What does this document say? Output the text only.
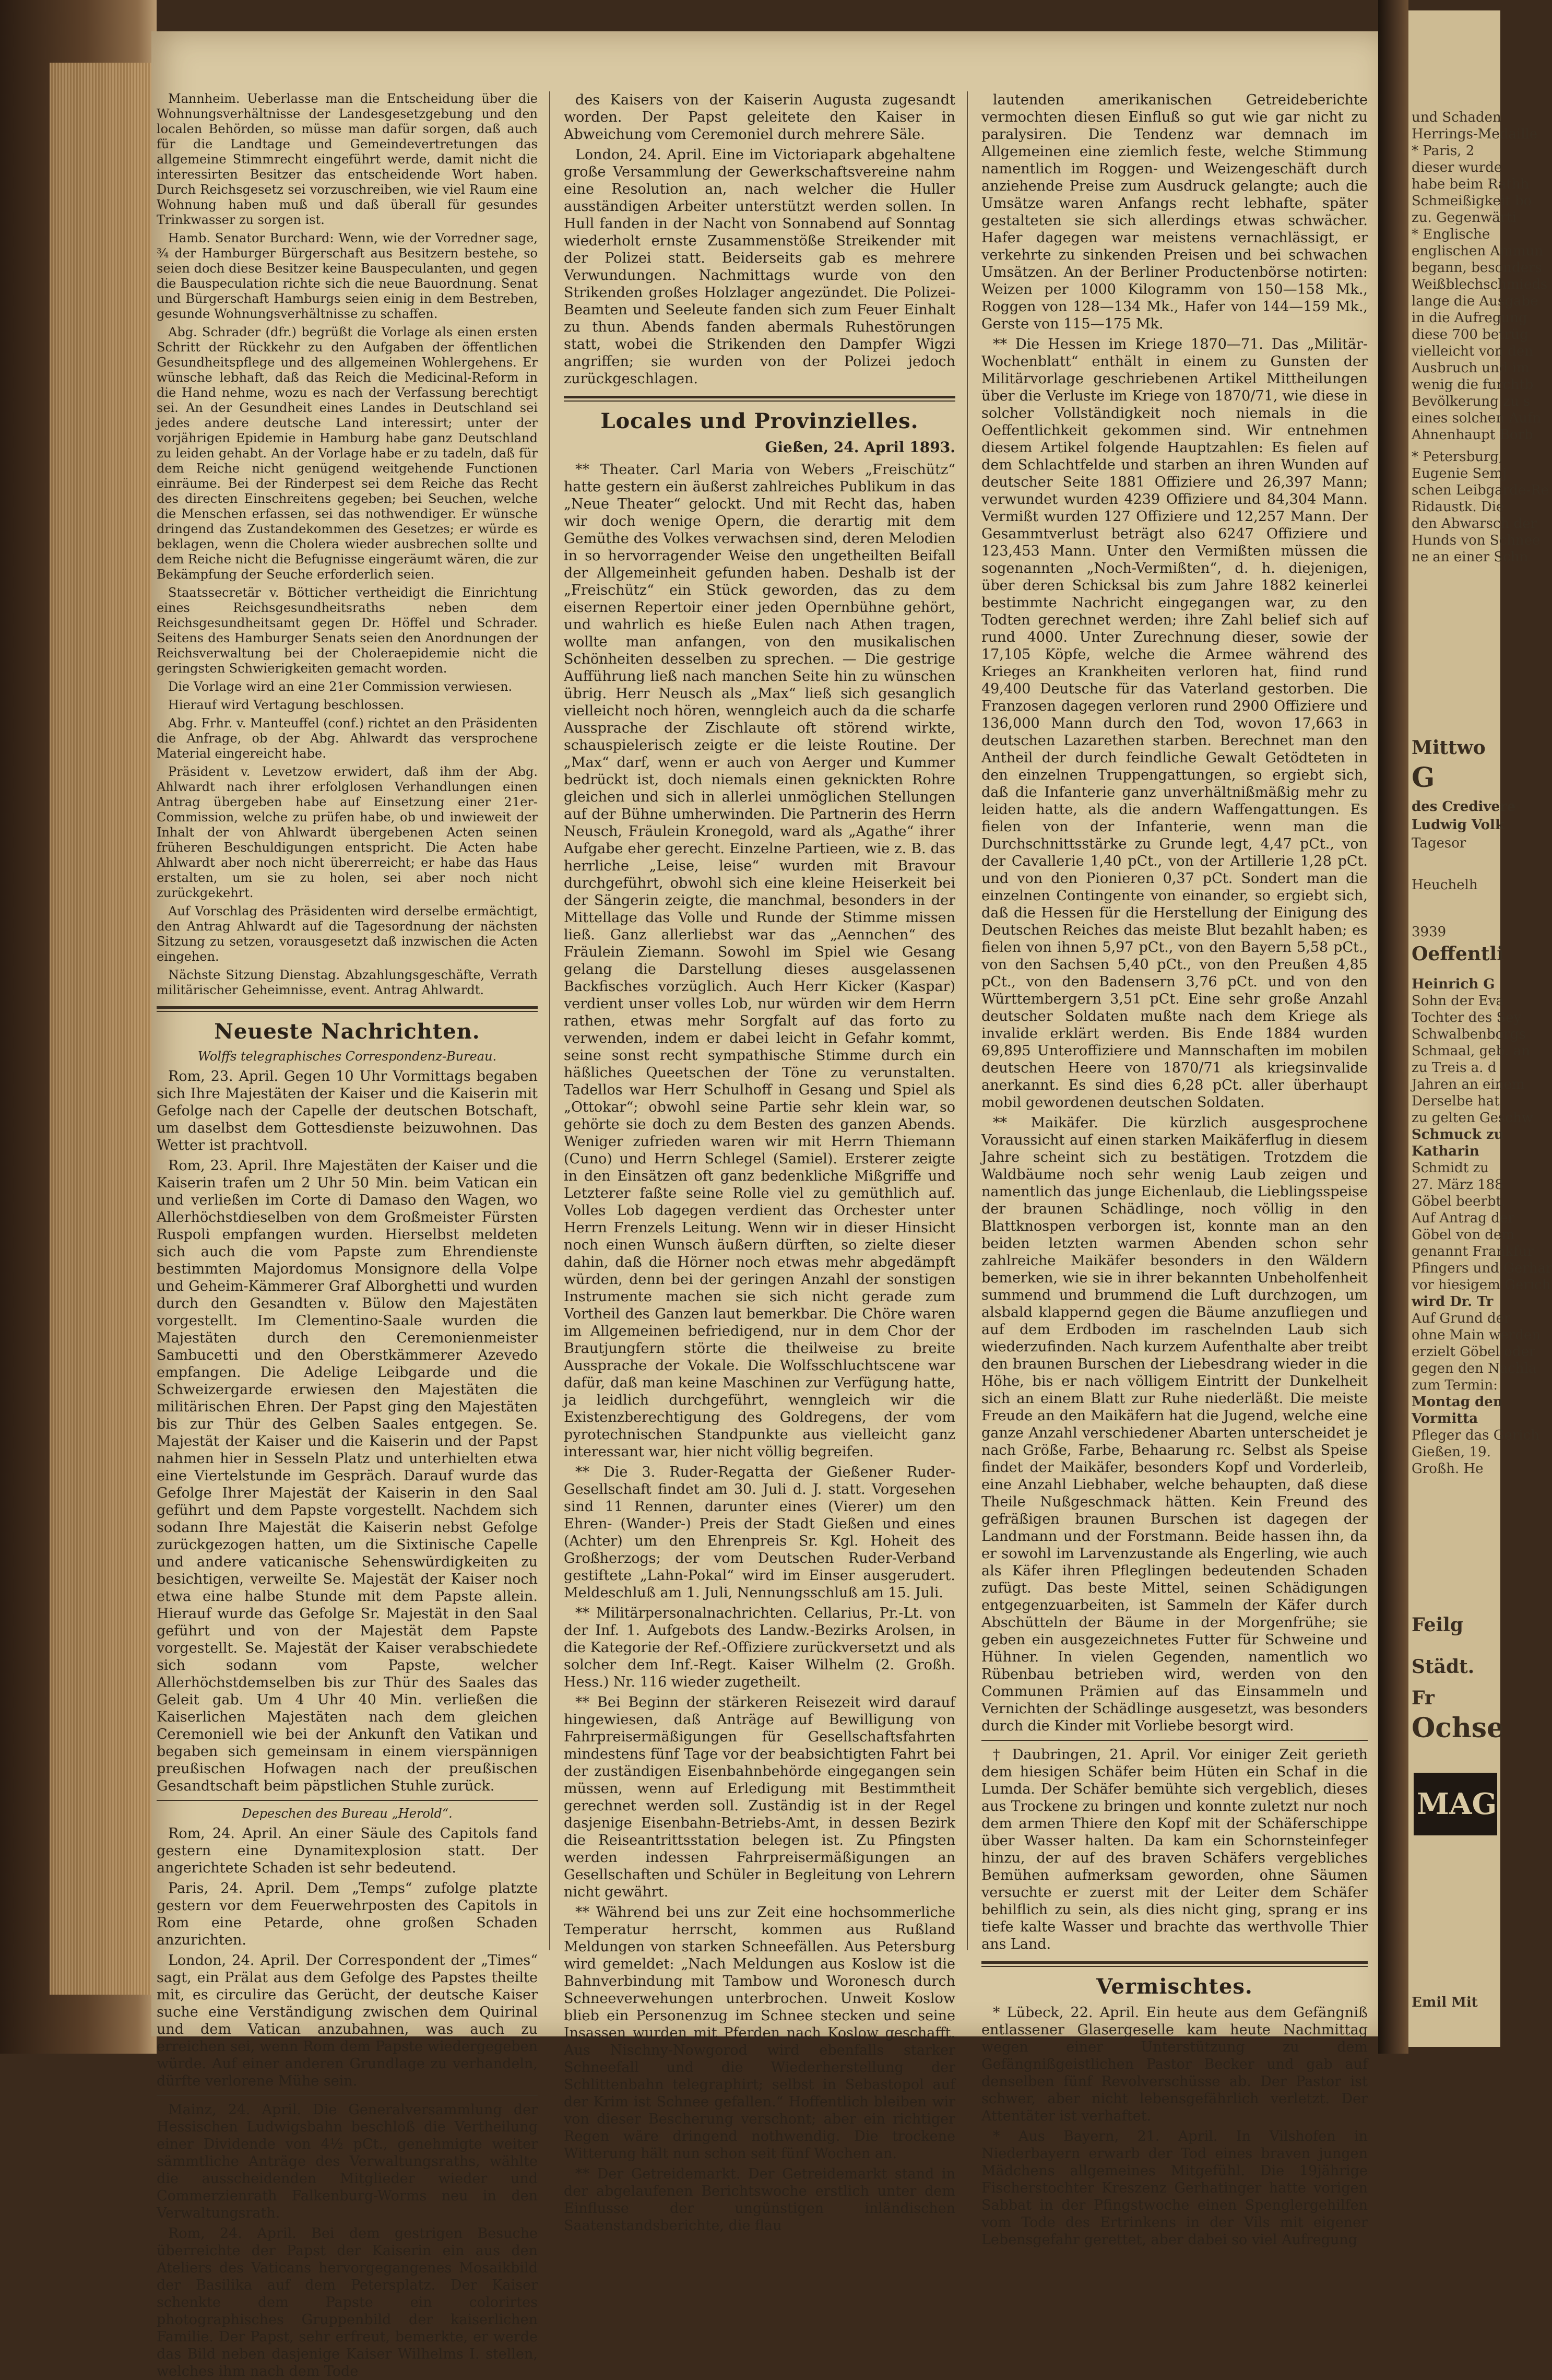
Mannheim. Ueberlasse man die Entscheidung über die Wohnungsverhältnisse der Landesgesetzgebung und den localen Behörden, so müsse man dafür sorgen, daß auch für die Landtage und Gemeindevertretungen das allgemeine Stimmrecht eingeführt werde, damit nicht die interessirten Besitzer das entscheidende Wort haben. Durch Reichsgesetz sei vorzuschreiben, wie viel Raum eine Wohnung haben muß und daß überall für gesundes Trinkwasser zu sorgen ist.

Hamb. Senator Burchard: Wenn, wie der Vorredner sage, ¾ der Hamburger Bürgerschaft aus Besitzern bestehe, so seien doch diese Besitzer keine Bauspeculanten, und gegen die Bauspeculation richte sich die neue Bauordnung. Senat und Bürgerschaft Hamburgs seien einig in dem Bestreben, gesunde Wohnungsverhältnisse zu schaffen.

Abg. Schrader (dfr.) begrüßt die Vorlage als einen ersten Schritt der Rückkehr zu den Aufgaben der öffentlichen Gesundheitspflege und des allgemeinen Wohlergehens. Er wünsche lebhaft, daß das Reich die Medicinal-Reform in die Hand nehme, wozu es nach der Verfassung berechtigt sei. An der Gesundheit eines Landes in Deutschland sei jedes andere deutsche Land interessirt; unter der vorjährigen Epidemie in Hamburg habe ganz Deutschland zu leiden gehabt. An der Vorlage habe er zu tadeln, daß für dem Reiche nicht genügend weitgehende Functionen einräume. Bei der Rinderpest sei dem Reiche das Recht des directen Einschreitens gegeben; bei Seuchen, welche die Menschen erfassen, sei das nothwendiger. Er wünsche dringend das Zustandekommen des Gesetzes; er würde es beklagen, wenn die Cholera wieder ausbrechen sollte und dem Reiche nicht die Befugnisse eingeräumt wären, die zur Bekämpfung der Seuche erforderlich seien.

Staatssecretär v. Bötticher vertheidigt die Einrichtung eines Reichsgesundheitsraths neben dem Reichsgesundheitsamt gegen Dr. Höffel und Schrader. Seitens des Hamburger Senats seien den Anordnungen der Reichsverwaltung bei der Choleraepidemie nicht die geringsten Schwierigkeiten gemacht worden.

Die Vorlage wird an eine 21er Commission verwiesen.

Hierauf wird Vertagung beschlossen.

Abg. Frhr. v. Manteuffel (conf.) richtet an den Präsidenten die Anfrage, ob der Abg. Ahlwardt das versprochene Material eingereicht habe.

Präsident v. Levetzow erwidert, daß ihm der Abg. Ahlwardt nach ihrer erfolglosen Verhandlungen einen Antrag übergeben habe auf Einsetzung einer 21er-Commission, welche zu prüfen habe, ob und inwieweit der Inhalt der von Ahlwardt übergebenen Acten seinen früheren Beschuldigungen entspricht. Die Acten habe Ahlwardt aber noch nicht übererreicht; er habe das Haus erstalten, um sie zu holen, sei aber noch nicht zurückgekehrt.

Auf Vorschlag des Präsidenten wird derselbe ermächtigt, den Antrag Ahlwardt auf die Tagesordnung der nächsten Sitzung zu setzen, vorausgesetzt daß inzwischen die Acten eingehen.

Nächste Sitzung Dienstag. Abzahlungsgeschäfte, Verrath militärischer Geheimnisse, event. Antrag Ahlwardt.

Neueste Nachrichten.
Wolffs telegraphisches Correspondenz-Bureau.

Rom, 23. April. Gegen 10 Uhr Vormittags begaben sich Ihre Majestäten der Kaiser und die Kaiserin mit Gefolge nach der Capelle der deutschen Botschaft, um daselbst dem Gottesdienste beizuwohnen. Das Wetter ist prachtvoll.

Rom, 23. April. Ihre Majestäten der Kaiser und die Kaiserin trafen um 2 Uhr 50 Min. beim Vatican ein und verließen im Corte di Damaso den Wagen, wo Allerhöchstdieselben von dem Großmeister Fürsten Ruspoli empfangen wurden. Hierselbst meldeten sich auch die vom Papste zum Ehrendienste bestimmten Majordomus Monsignore della Volpe und Geheim-Kämmerer Graf Alborghetti und wurden durch den Gesandten v. Bülow den Majestäten vorgestellt. Im Clementino-Saale wurden die Majestäten durch den Ceremonienmeister Sambucetti und den Oberstkämmerer Azevedo empfangen. Die Adelige Leibgarde und die Schweizergarde erwiesen den Majestäten die militärischen Ehren. Der Papst ging den Majestäten bis zur Thür des Gelben Saales entgegen. Se. Majestät der Kaiser und die Kaiserin und der Papst nahmen hier in Sesseln Platz und unterhielten etwa eine Viertelstunde im Gespräch. Darauf wurde das Gefolge Ihrer Majestät der Kaiserin in den Saal geführt und dem Papste vorgestellt. Nachdem sich sodann Ihre Majestät die Kaiserin nebst Gefolge zurückgezogen hatten, um die Sixtinische Capelle und andere vaticanische Sehenswürdigkeiten zu besichtigen, verweilte Se. Majestät der Kaiser noch etwa eine halbe Stunde mit dem Papste allein. Hierauf wurde das Gefolge Sr. Majestät in den Saal geführt und von der Majestät dem Papste vorgestellt. Se. Majestät der Kaiser verabschiedete sich sodann vom Papste, welcher Allerhöchstdemselben bis zur Thür des Saales das Geleit gab. Um 4 Uhr 40 Min. verließen die Kaiserlichen Majestäten nach dem gleichen Ceremoniell wie bei der Ankunft den Vatikan und begaben sich gemeinsam in einem vierspännigen preußischen Hofwagen nach der preußischen Gesandtschaft beim päpstlichen Stuhle zurück.

Depeschen des Bureau „Herold“.

Rom, 24. April. An einer Säule des Capitols fand gestern eine Dynamitexplosion statt. Der angerichtete Schaden ist sehr bedeutend.

Paris, 24. April. Dem „Temps“ zufolge platzte gestern vor dem Feuerwehrposten des Capitols in Rom eine Petarde, ohne großen Schaden anzurichten.

London, 24. April. Der Correspondent der „Times“ sagt, ein Prälat aus dem Gefolge des Papstes theilte mit, es circulire das Gerücht, der deutsche Kaiser suche eine Verständigung zwischen dem Quirinal und dem Vatican anzubahnen, was auch zu erreichen sei, wenn Rom dem Papste wiedergegeben würde. Auf einer anderen Grundlage zu verhandeln, dürfte verlorene Mühe sein.

Mainz, 24. April. Die Generalversammlung der Hessischen Ludwigsbahn beschloß die Vertheilung einer Dividende von 4½ pCt., genehmigte weiter sämmtliche Anträge des Verwaltungsraths, wählte die ausscheidenden Mitglieder wieder und Commerzienrath Falkenburg-Worms neu in den Verwaltungsrath.

Rom, 24. April. Bei dem gestrigen Besuche überreichte der Papst der Kaiserin ein aus den Ateliers des Vaticans hervorgegangenes Mosaikbild der Basilika auf dem Petersplatz. Der Kaiser schenkte dem Papste ein colorirtes photographisches Gruppenbild der kaiserlichen Familie. Der Papst, sehr erfreut, bemerkte, er werde das Bild neben dasjenige Kaiser Wilhelms I. stellen, welches ihm nach dem Tode

des Kaisers von der Kaiserin Augusta zugesandt worden. Der Papst geleitete den Kaiser in Abweichung vom Ceremoniel durch mehrere Säle.

London, 24. April. Eine im Victoriapark abgehaltene große Versammlung der Gewerkschaftsvereine nahm eine Resolution an, nach welcher die Huller ausständigen Arbeiter unterstützt werden sollen. In Hull fanden in der Nacht von Sonnabend auf Sonntag wiederholt ernste Zusammenstöße Streikender mit der Polizei statt. Beiderseits gab es mehrere Verwundungen. Nachmittags wurde von den Strikenden großes Holzlager angezündet. Die Polizei-Beamten und Seeleute fanden sich zum Feuer Einhalt zu thun. Abends fanden abermals Ruhestörungen statt, wobei die Strikenden den Dampfer Wigzi angriffen; sie wurden von der Polizei jedoch zurückgeschlagen.

Locales und Provinzielles.

Gießen, 24. April 1893.

** Theater. Carl Maria von Webers „Freischütz“ hatte gestern ein äußerst zahlreiches Publikum in das „Neue Theater“ gelockt. Und mit Recht das, haben wir doch wenige Opern, die derartig mit dem Gemüthe des Volkes verwachsen sind, deren Melodien in so hervorragender Weise den ungetheilten Beifall der Allgemeinheit gefunden haben. Deshalb ist der „Freischütz“ ein Stück geworden, das zu dem eisernen Repertoir einer jeden Opernbühne gehört, und wahrlich es hieße Eulen nach Athen tragen, wollte man anfangen, von den musikalischen Schönheiten desselben zu sprechen. — Die gestrige Aufführung ließ nach manchen Seite hin zu wünschen übrig. Herr Neusch als „Max“ ließ sich gesanglich vielleicht noch hören, wenngleich auch da die scharfe Aussprache der Zischlaute oft störend wirkte, schauspielerisch zeigte er die leiste Routine. Der „Max“ darf, wenn er auch von Aerger und Kummer bedrückt ist, doch niemals einen geknickten Rohre gleichen und sich in allerlei unmöglichen Stellungen auf der Bühne umherwinden. Die Partnerin des Herrn Neusch, Fräulein Kronegold, ward als „Agathe“ ihrer Aufgabe eher gerecht. Einzelne Partieen, wie z. B. das herrliche „Leise, leise“ wurden mit Bravour durchgeführt, obwohl sich eine kleine Heiserkeit bei der Sängerin zeigte, die manchmal, besonders in der Mittellage das Volle und Runde der Stimme missen ließ. Ganz allerliebst war das „Aennchen“ des Fräulein Ziemann. Sowohl im Spiel wie Gesang gelang die Darstellung dieses ausgelassenen Backfisches vorzüglich. Auch Herr Kicker (Kaspar) verdient unser volles Lob, nur würden wir dem Herrn rathen, etwas mehr Sorgfalt auf das forto zu verwenden, indem er dabei leicht in Gefahr kommt, seine sonst recht sympathische Stimme durch ein häßliches Queetschen der Töne zu verunstalten. Tadellos war Herr Schulhoff in Gesang und Spiel als „Ottokar“; obwohl seine Partie sehr klein war, so gehörte sie doch zu dem Besten des ganzen Abends. Weniger zufrieden waren wir mit Herrn Thiemann (Cuno) und Herrn Schlegel (Samiel). Ersterer zeigte in den Einsätzen oft ganz bedenkliche Mißgriffe und Letzterer faßte seine Rolle viel zu gemüthlich auf. Volles Lob dagegen verdient das Orchester unter Herrn Frenzels Leitung. Wenn wir in dieser Hinsicht noch einen Wunsch äußern dürften, so zielte dieser dahin, daß die Hörner noch etwas mehr abgedämpft würden, denn bei der geringen Anzahl der sonstigen Instrumente machen sie sich nicht gerade zum Vortheil des Ganzen laut bemerkbar. Die Chöre waren im Allgemeinen befriedigend, nur in dem Chor der Brautjungfern störte die theilweise zu breite Aussprache der Vokale. Die Wolfsschluchtscene war dafür, daß man keine Maschinen zur Verfügung hatte, ja leidlich durchgeführt, wenngleich wir die Existenzberechtigung des Goldregens, der vom pyrotechnischen Standpunkte aus vielleicht ganz interessant war, hier nicht völlig begreifen.

** Die 3. Ruder-Regatta der Gießener Ruder-Gesellschaft findet am 30. Juli d. J. statt. Vorgesehen sind 11 Rennen, darunter eines (Vierer) um den Ehren- (Wander-) Preis der Stadt Gießen und eines (Achter) um den Ehrenpreis Sr. Kgl. Hoheit des Großherzogs; der vom Deutschen Ruder-Verband gestiftete „Lahn-Pokal“ wird im Einser ausgerudert. Meldeschluß am 1. Juli, Nennungsschluß am 15. Juli.

** Militärpersonalnachrichten. Cellarius, Pr.-Lt. von der Inf. 1. Aufgebots des Landw.-Bezirks Arolsen, in die Kategorie der Ref.-Offiziere zurückversetzt und als solcher dem Inf.-Regt. Kaiser Wilhelm (2. Großh. Hess.) Nr. 116 wieder zugetheilt.

** Bei Beginn der stärkeren Reisezeit wird darauf hingewiesen, daß Anträge auf Bewilligung von Fahrpreisermäßigungen für Gesellschaftsfahrten mindestens fünf Tage vor der beabsichtigten Fahrt bei der zuständigen Eisenbahnbehörde eingegangen sein müssen, wenn auf Erledigung mit Bestimmtheit gerechnet werden soll. Zuständig ist in der Regel dasjenige Eisenbahn-Betriebs-Amt, in dessen Bezirk die Reiseantrittsstation belegen ist. Zu Pfingsten werden indessen Fahrpreisermäßigungen an Gesellschaften und Schüler in Begleitung von Lehrern nicht gewährt.

** Während bei uns zur Zeit eine hochsommerliche Temperatur herrscht, kommen aus Rußland Meldungen von starken Schneefällen. Aus Petersburg wird gemeldet: „Nach Meldungen aus Koslow ist die Bahnverbindung mit Tambow und Woronesch durch Schneeverwehungen unterbrochen. Unweit Koslow blieb ein Personenzug im Schnee stecken und seine Insassen wurden mit Pferden nach Koslow geschafft. Aus Nischny-Nowgorod wird ebenfalls starker Schneefall und die Wiederherstellung der Schlittenbahn telegraphirt; selbst in Sebastopol auf der Krim ist Schnee gefallen.“ Hoffentlich bleiben wir von dieser Bescherung verschont; aber ein richtiger Regen wäre dringend nothwendig. Die trockene Witterung hält nun schon seit fünf Wochen an.

** Der Getreidemarkt. Der Getreidemarkt stand in der abgelaufenen Berichtswoche erstlich unter dem Einflusse der ungünstigen inländischen Saatenstandsberichte, die flau

lautenden amerikanischen Getreideberichte vermochten diesen Einfluß so gut wie gar nicht zu paralysiren. Die Tendenz war demnach im Allgemeinen eine ziemlich feste, welche Stimmung namentlich im Roggen- und Weizengeschäft durch anziehende Preise zum Ausdruck gelangte; auch die Umsätze waren Anfangs recht lebhafte, später gestalteten sie sich allerdings etwas schwächer. Hafer dagegen war meistens vernachlässigt, er verkehrte zu sinkenden Preisen und bei schwachen Umsätzen. An der Berliner Productenbörse notirten: Weizen per 1000 Kilogramm von 150—158 Mk., Roggen von 128—134 Mk., Hafer von 144—159 Mk., Gerste von 115—175 Mk.

** Die Hessen im Kriege 1870—71. Das „Militär-Wochenblatt“ enthält in einem zu Gunsten der Militärvorlage geschriebenen Artikel Mittheilungen über die Verluste im Kriege von 1870/71, wie diese in solcher Vollständigkeit noch niemals in die Oeffentlichkeit gekommen sind. Wir entnehmen diesem Artikel folgende Hauptzahlen: Es fielen auf dem Schlachtfelde und starben an ihren Wunden auf deutscher Seite 1881 Offiziere und 26,397 Mann; verwundet wurden 4239 Offiziere und 84,304 Mann. Vermißt wurden 127 Offiziere und 12,257 Mann. Der Gesammtverlust beträgt also 6247 Offiziere und 123,453 Mann. Unter den Vermißten müssen die sogenannten „Noch-Vermißten“, d. h. diejenigen, über deren Schicksal bis zum Jahre 1882 keinerlei bestimmte Nachricht eingegangen war, zu den Todten gerechnet werden; ihre Zahl belief sich auf rund 4000. Unter Zurechnung dieser, sowie der 17,105 Köpfe, welche die Armee während des Krieges an Krankheiten verloren hat, fiind rund 49,400 Deutsche für das Vaterland gestorben. Die Franzosen dagegen verloren rund 2900 Offiziere und 136,000 Mann durch den Tod, wovon 17,663 in deutschen Lazarethen starben. Berechnet man den Antheil der durch feindliche Gewalt Getödteten in den einzelnen Truppengattungen, so ergiebt sich, daß die Infanterie ganz unverhältnißmäßig mehr zu leiden hatte, als die andern Waffengattungen. Es fielen von der Infanterie, wenn man die Durchschnittsstärke zu Grunde legt, 4,47 pCt., von der Cavallerie 1,40 pCt., von der Artillerie 1,28 pCt. und von den Pionieren 0,37 pCt. Sondert man die einzelnen Contingente von einander, so ergiebt sich, daß die Hessen für die Herstellung der Einigung des Deutschen Reiches das meiste Blut bezahlt haben; es fielen von ihnen 5,97 pCt., von den Bayern 5,58 pCt., von den Sachsen 5,40 pCt., von den Preußen 4,85 pCt., von den Badensern 3,76 pCt. und von den Württembergern 3,51 pCt. Eine sehr große Anzahl deutscher Soldaten mußte nach dem Kriege als invalide erklärt werden. Bis Ende 1884 wurden 69,895 Unteroffiziere und Mannschaften im mobilen deutschen Heere von 1870/71 als kriegsinvalide anerkannt. Es sind dies 6,28 pCt. aller überhaupt mobil gewordenen deutschen Soldaten.

** Maikäfer. Die kürzlich ausgesprochene Voraussicht auf einen starken Maikäferflug in diesem Jahre scheint sich zu bestätigen. Trotzdem die Waldbäume noch sehr wenig Laub zeigen und namentlich das junge Eichenlaub, die Lieblingsspeise der braunen Schädlinge, noch völlig in den Blattknospen verborgen ist, konnte man an den beiden letzten warmen Abenden schon sehr zahlreiche Maikäfer besonders in den Wäldern bemerken, wie sie in ihrer bekannten Unbeholfenheit summend und brummend die Luft durchzogen, um alsbald klappernd gegen die Bäume anzufliegen und auf dem Erdboden im raschelnden Laub sich wiederzufinden. Nach kurzem Aufenthalte aber treibt den braunen Burschen der Liebesdrang wieder in die Höhe, bis er nach völligem Eintritt der Dunkelheit sich an einem Blatt zur Ruhe niederläßt. Die meiste Freude an den Maikäfern hat die Jugend, welche eine ganze Anzahl verschiedener Abarten unterscheidet je nach Größe, Farbe, Behaarung rc. Selbst als Speise findet der Maikäfer, besonders Kopf und Vorderleib, eine Anzahl Liebhaber, welche behaupten, daß diese Theile Nußgeschmack hätten. Kein Freund des gefräßigen braunen Burschen ist dagegen der Landmann und der Forstmann. Beide hassen ihn, da er sowohl im Larvenzustande als Engerling, wie auch als Käfer ihren Pfleglingen bedeutenden Schaden zufügt. Das beste Mittel, seinen Schädigungen entgegenzuarbeiten, ist Sammeln der Käfer durch Abschütteln der Bäume in der Morgenfrühe; sie geben ein ausgezeichnetes Futter für Schweine und Hühner. In vielen Gegenden, namentlich wo Rübenbau betrieben wird, werden von den Communen Prämien auf das Einsammeln und Vernichten der Schädlinge ausgesetzt, was besonders durch die Kinder mit Vorliebe besorgt wird.

† Daubringen, 21. April. Vor einiger Zeit gerieth dem hiesigen Schäfer beim Hüten ein Schaf in die Lumda. Der Schäfer bemühte sich vergeblich, dieses aus Trockene zu bringen und konnte zuletzt nur noch dem armen Thiere den Kopf mit der Schäferschippe über Wasser halten. Da kam ein Schornsteinfeger hinzu, der auf des braven Schäfers vergebliches Bemühen aufmerksam geworden, ohne Säumen versuchte er zuerst mit der Leiter dem Schäfer behilflich zu sein, als dies nicht ging, sprang er ins tiefe kalte Wasser und brachte das werthvolle Thier ans Land.

Vermischtes.

* Lübeck, 22. April. Ein heute aus dem Gefängniß entlassener Glasergeselle kam heute Nachmittag wegen einer Unterstützung zu dem Gefängnißgeistlichen Pastor Becker und gab auf denselben fünf Revolverschüsse ab. Der Pastor ist schwer, aber nicht lebensgefährlich verletzt. Der Attentäter ist verhaftet.

* Aus Bayern, 21. April. In Vilshofen in Niederbayern erwarb der Tod eines braven jungen Mädchens allgemeines Mitgefühl. Die 19jährige Fischerstochter Kreszenz Gerhatinger hatte vorigen Sabbat in der Pfingstwoche einen Spenglergehilfen vom Tode des Ertrinkens in der Vils mit eigener Lebensgefahr gerettet, aber dabei so viel Aufregung

und Schaden
Herrings-Medaille
* Paris, 2
dieser wurde
habe beim Rathh
Schmeißigkeit bo
zu. Gegenwärti
* Englische
englischen Ammun
begann, besonders
Weißblechschmieds
lange die Ausgabe
in die Aufregung
diese 700 betrüg
vielleicht von den
Ausbruch und im
wenig die furchtb
Bevölkerung zu s
eines solchen Aufn
Ahnenhaupt Borb
* Petersburg,
Eugenie Semj
schen Leibgarde-Re
Ridaustk. Die
den Abwarsch der
Hunds von Schnee
ne an einer Schn
Mittwo
G
des Credivere
Ludwig Volk
Tagesor
Heuchelh
3939
Oeffentli
Heinrich G
Sohn der Eva
Tochter des Sey
Schwalbenborgs
Schmaal, geb. an
zu Treis a. d
Jahren an einem
Derselbe hat
zu gelten Geschw
Schmuck zu
Katharin
Schmidt zu
27. März 188
Göbel beerbt.
Auf Antrag der
Göbel von dem
genannt Frankfur
Pfingers und Gerhar
vor hiesigem Gerich
wird Dr. Tr
Auf Grund der
ohne Main werden
erzielt Göbel oder
gegen den Nachla
zum Termin:
Montag den
Vormitta
Pfleger das Gerich
Gießen, 19.
Großh. He
Feilg
Städt.
Fr
Ochse
MAG
Emil Mit
